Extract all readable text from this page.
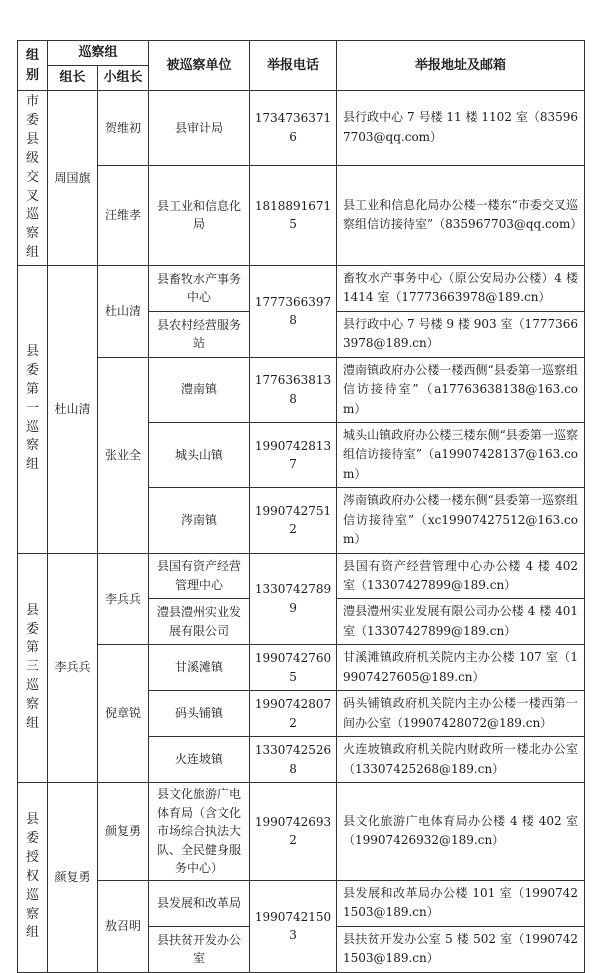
组别	巡察组		被巡察单位	举报电话	举报地址及邮箱
	组长	小组长			
市委县级交叉巡察组	周国旗	贺维初	县审计局	17347363716	县行政中心 7 号楼 11 楼 1102 室（835967703@qq.com）
		汪维孝	县工业和信息化局	18188916715	县工业和信息化局办公楼一楼东“市委交叉巡察组信访接待室”（835967703@qq.com）
县委第一巡察组	杜山清	杜山清	县畜牧水产事务中心	17773663978	畜牧水产事务中心（原公安局办公楼）4 楼 1414 室（17773663978@189.cn）
			县农村经营服务站		县行政中心 7 号楼 9 楼 903 室（17773663978@189.cn）
		张业全	澧南镇	17763638138	澧南镇政府办公楼一楼西侧“县委第一巡察组信访接待室”（a17763638138@163.com）
			城头山镇	19907428137	城头山镇政府办公楼三楼东侧“县委第一巡察组信访接待室”（a19907428137@163.com）
			涔南镇	19907427512	涔南镇政府办公楼一楼东侧“县委第一巡察组信访接待室”（xc19907427512@163.com）
县委第三巡察组	李兵兵	李兵兵	县国有资产经营管理中心	13307427899	县国有资产经营管理中心办公楼 4 楼 402 室（13307427899@189.cn）
			澧县澧州实业发展有限公司		澧县澧州实业发展有限公司办公楼 4 楼 401 室（13307427899@189.cn）
		倪章锐	甘溪滩镇	19907427605	甘溪滩镇政府机关院内主办公楼 107 室（19907427605@189.cn）
			码头铺镇	19907428072	码头铺镇政府机关院内主办公楼一楼西第一间办公室（19907428072@189.cn）
			火连坡镇	13307425268	火连坡镇政府机关院内财政所一楼北办公室（13307425268@189.cn）
县委授权巡察组	颜复勇	颜复勇	县文化旅游广电体育局（含文化市场综合执法大队、全民健身服务中心）	19907426932	县文化旅游广电体育局办公楼 4 楼 402 室（19907426932@189.cn）
		敖召明	县发展和改革局	19907421503	县发展和改革局办公楼 101 室（19907421503@189.cn）
			县扶贫开发办公室		县扶贫开发办公室 5 楼 502 室（19907421503@189.cn）
